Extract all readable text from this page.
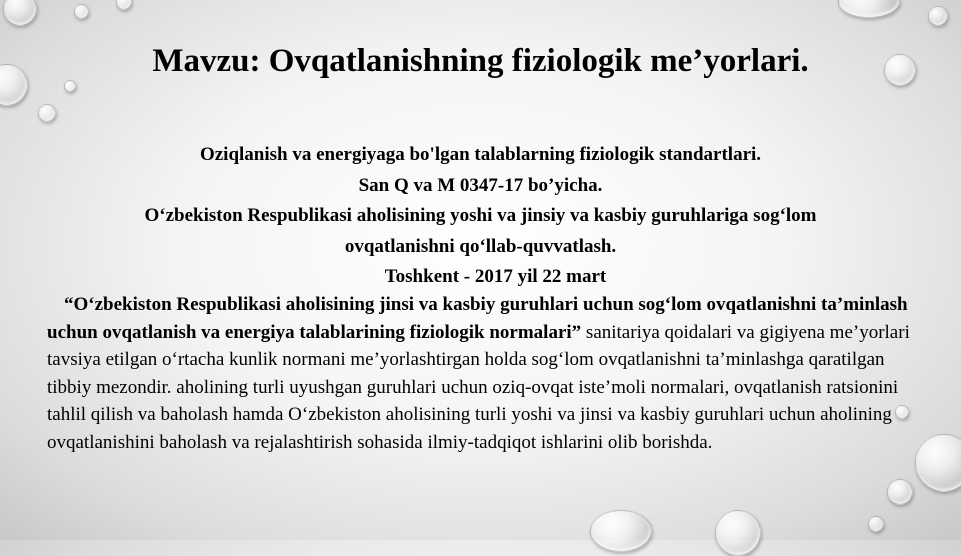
Mavzu: Ovqatlanishning fiziologik me’yorlari.
Oziqlanish va energiyaga bo'lgan talablarning fiziologik standartlari.
San Q va M 0347-17 bo’yicha.
O‘zbekiston Respublikasi aholisining yoshi va jinsiy va kasbiy guruhlariga sog‘lom
ovqatlanishni qo‘llab-quvvatlash.
Toshkent - 2017 yil 22 mart
“O‘zbekiston Respublikasi aholisining jinsi va kasbiy guruhlari uchun sog‘lom ovqatlanishni ta’minlash uchun ovqatlanish va energiya talablarining fiziologik normalari” sanitariya qoidalari va gigiyena me’yorlari tavsiya etilgan o‘rtacha kunlik normani me’yorlashtirgan holda sog‘lom ovqatlanishni ta’minlashga qaratilgan tibbiy mezondir. aholining turli uyushgan guruhlari uchun oziq-ovqat iste’moli normalari, ovqatlanish ratsionini tahlil qilish va baholash hamda O‘zbekiston aholisining turli yoshi va jinsi va kasbiy guruhlari uchun aholining ovqatlanishini baholash va rejalashtirish sohasida ilmiy-tadqiqot ishlarini olib borishda.
